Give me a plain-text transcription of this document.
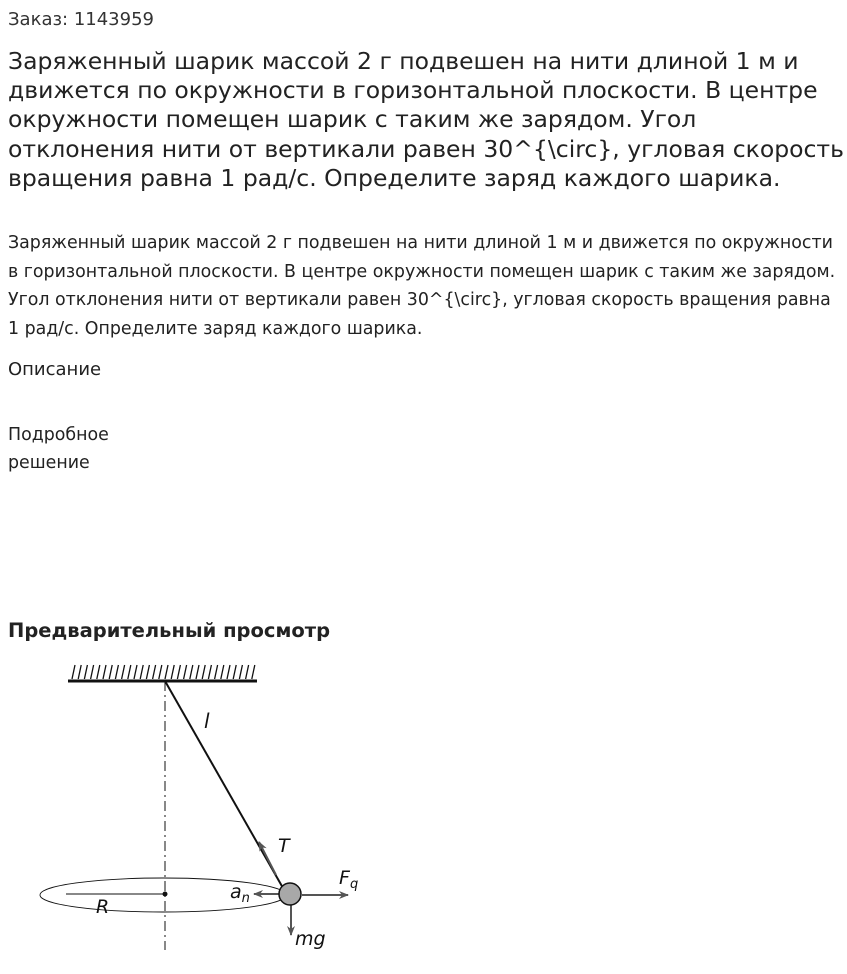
Заказ: 1143959
Заряженный шарик массой 2 г подвешен на нити длиной 1 м и движется по окружности в горизонтальной плоскости. В центре окружности помещен шарик с таким же зарядом. Угол отклонения нити от вертикали равен 30^{\circ}, угловая скорость вращения равна 1 рад/с. Определите заряд каждого шарика.

Заряженный шарик массой 2 г подвешен на нити длиной 1 м и движется по окружности в горизонтальной плоскости. В центре окружности помещен шарик с таким же зарядом. Угол отклонения нити от вертикали равен 30^{\circ}, угловая скорость вращения равна 1 рад/с. Определите заряд каждого шарика.

Описание
Подробное решение
Предварительный просмотр
l
T
R
$a_n$
$F_q$
mg
